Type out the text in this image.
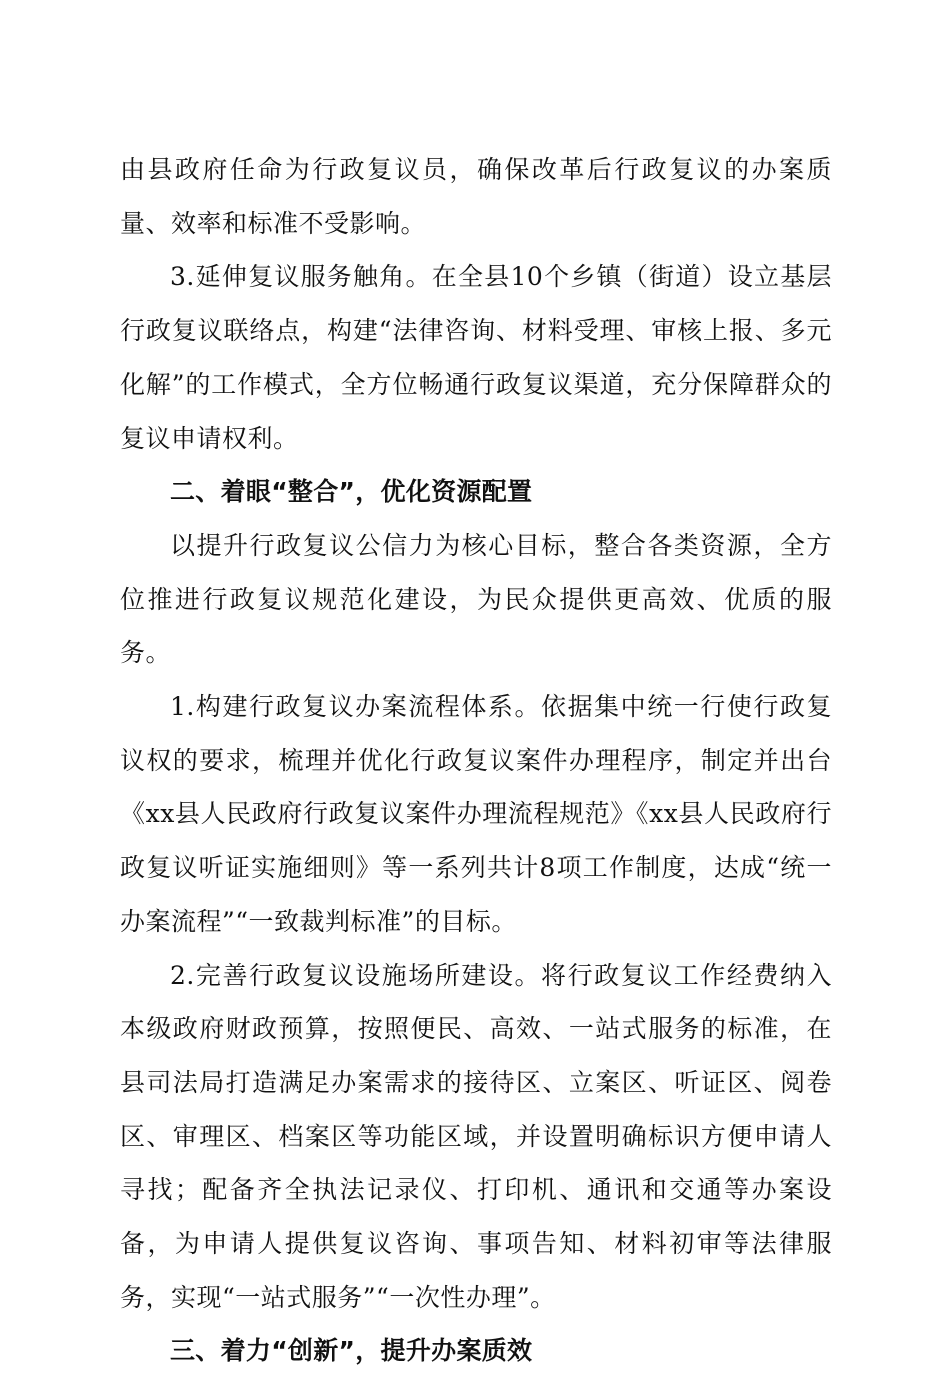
由县政府任命为行政复议员，确保改革后行政复议的办案质量、效率和标准不受影响。

3.延伸复议服务触角。在全县10个乡镇（街道）设立基层行政复议联络点，构建“法律咨询、材料受理、审核上报、多元化解”的工作模式，全方位畅通行政复议渠道，充分保障群众的复议申请权利。

二、着眼“整合”，优化资源配置

以提升行政复议公信力为核心目标，整合各类资源，全方位推进行政复议规范化建设，为民众提供更高效、优质的服务。

1.构建行政复议办案流程体系。依据集中统一行使行政复议权的要求，梳理并优化行政复议案件办理程序，制定并出台《xx县人民政府行政复议案件办理流程规范》《xx县人民政府行政复议听证实施细则》等一系列共计8项工作制度，达成“统一办案流程”“一致裁判标准”的目标。

2.完善行政复议设施场所建设。将行政复议工作经费纳入本级政府财政预算，按照便民、高效、一站式服务的标准，在县司法局打造满足办案需求的接待区、立案区、听证区、阅卷区、审理区、档案区等功能区域，并设置明确标识方便申请人寻找；配备齐全执法记录仪、打印机、通讯和交通等办案设备，为申请人提供复议咨询、事项告知、材料初审等法律服务，实现“一站式服务”“一次性办理”。

三、着力“创新”，提升办案质效
